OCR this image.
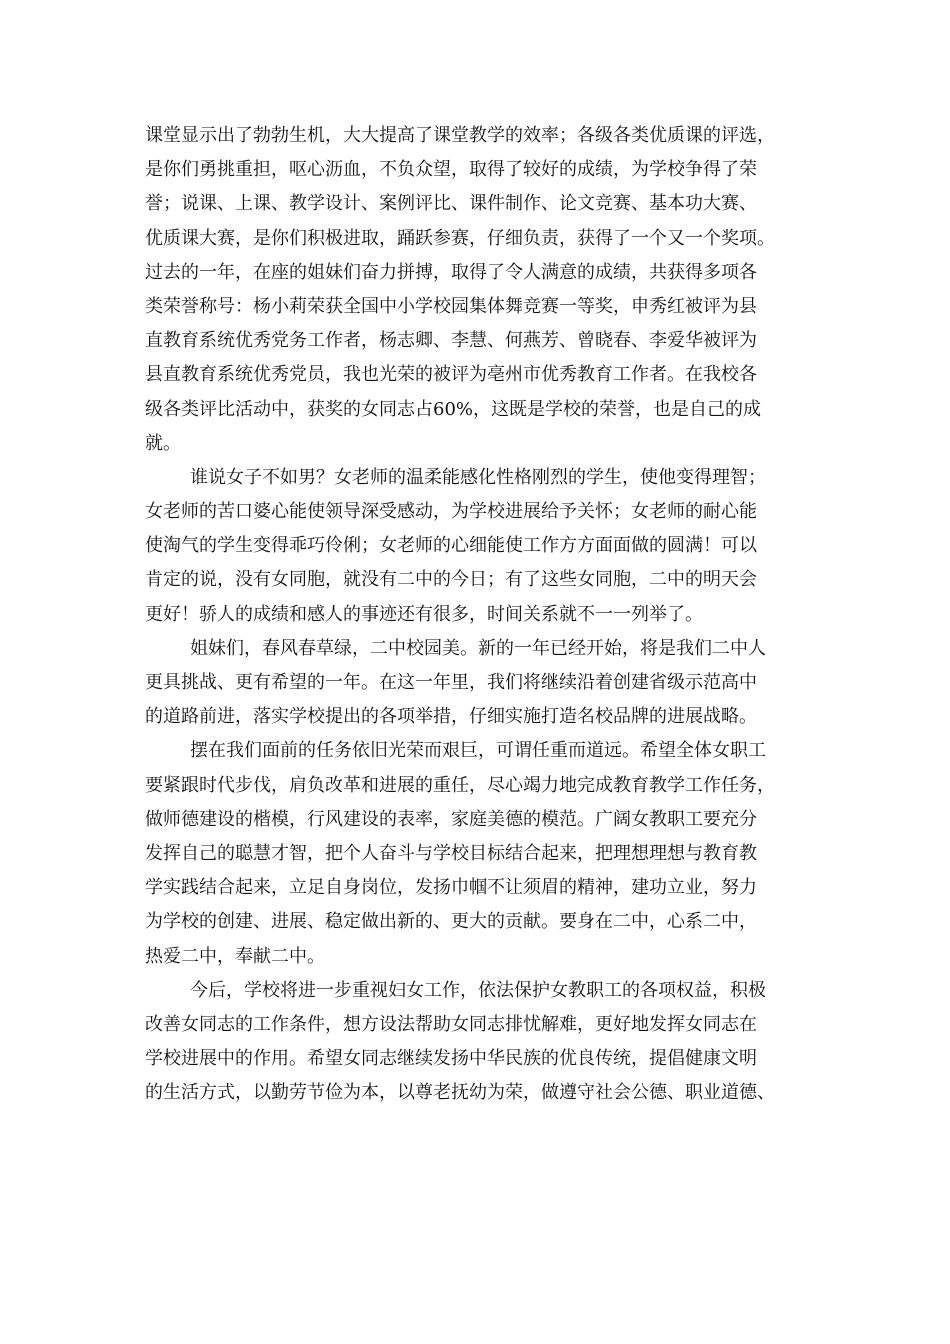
课堂显示出了勃勃生机，大大提高了课堂教学的效率；各级各类优质课的评选，
是你们勇挑重担，呕心沥血，不负众望，取得了较好的成绩，为学校争得了荣
誉；说课、上课、教学设计、案例评比、课件制作、论文竞赛、基本功大赛、
优质课大赛，是你们积极进取，踊跃参赛，仔细负责，获得了一个又一个奖项。
过去的一年，在座的姐妹们奋力拼搏，取得了令人满意的成绩，共获得多项各
类荣誉称号：杨小莉荣获全国中小学校园集体舞竞赛一等奖，申秀红被评为县
直教育系统优秀党务工作者，杨志卿、李慧、何燕芳、曾晓春、李爱华被评为
县直教育系统优秀党员，我也光荣的被评为亳州市优秀教育工作者。在我校各
级各类评比活动中，获奖的女同志占60%，这既是学校的荣誉，也是自己的成
就。
谁说女子不如男？女老师的温柔能感化性格刚烈的学生，使他变得理智；
女老师的苦口婆心能使领导深受感动，为学校进展给予关怀；女老师的耐心能
使淘气的学生变得乖巧伶俐；女老师的心细能使工作方方面面做的圆满！可以
肯定的说，没有女同胞，就没有二中的今日；有了这些女同胞，二中的明天会
更好！骄人的成绩和感人的事迹还有很多，时间关系就不一一列举了。
姐妹们，春风春草绿，二中校园美。新的一年已经开始，将是我们二中人
更具挑战、更有希望的一年。在这一年里，我们将继续沿着创建省级示范高中
的道路前进，落实学校提出的各项举措，仔细实施打造名校品牌的进展战略。
摆在我们面前的任务依旧光荣而艰巨，可谓任重而道远。希望全体女职工
要紧跟时代步伐，肩负改革和进展的重任，尽心竭力地完成教育教学工作任务，
做师德建设的楷模，行风建设的表率，家庭美德的模范。广阔女教职工要充分
发挥自己的聪慧才智，把个人奋斗与学校目标结合起来，把理想理想与教育教
学实践结合起来，立足自身岗位，发扬巾帼不让须眉的精神，建功立业，努力
为学校的创建、进展、稳定做出新的、更大的贡献。要身在二中，心系二中，
热爱二中，奉献二中。
今后，学校将进一步重视妇女工作，依法保护女教职工的各项权益，积极
改善女同志的工作条件，想方设法帮助女同志排忧解难，更好地发挥女同志在
学校进展中的作用。希望女同志继续发扬中华民族的优良传统，提倡健康文明
的生活方式，以勤劳节俭为本，以尊老抚幼为荣，做遵守社会公德、职业道德、
